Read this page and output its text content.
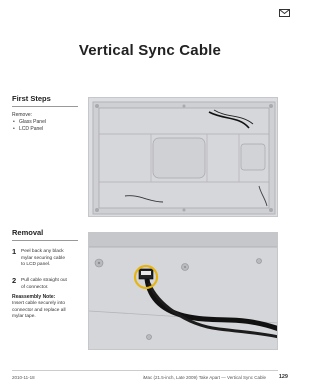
Vertical Sync Cable
First Steps
Remove:
• Glass Panel
• LCD Panel
Removal
1 Peel back any black
mylar securing cable
to LCD panel.
2 Pull cable straight out
of connector.
Reassembly Note:
Insert cable securely into
connector and replace all
mylar tape.
2010-11-18	iMac (21.5-inch, Late 2009) Take Apart — Vertical Sync Cable 129
